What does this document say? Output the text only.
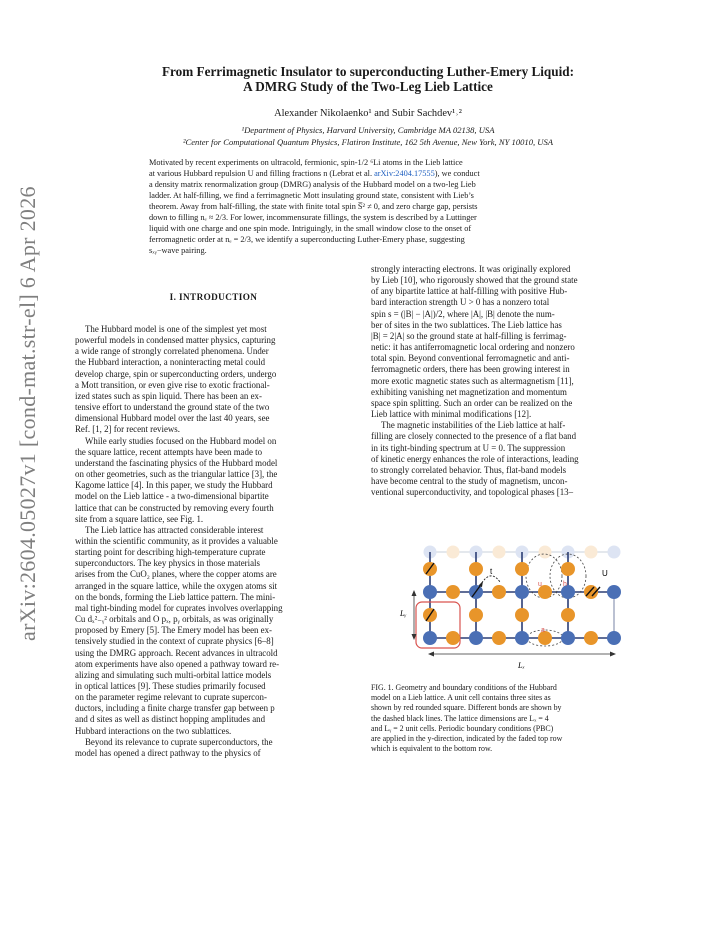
arXiv:2604.05027v1 [cond-mat.str-el] 6 Apr 2026
From Ferrimagnetic Insulator to superconducting Luther-Emery Liquid:
A DMRG Study of the Two-Leg Lieb Lattice
Alexander Nikolaenko¹ and Subir Sachdev¹˒²
¹Department of Physics, Harvard University, Cambridge MA 02138, USA
²Center for Computational Quantum Physics, Flatiron Institute, 162 5th Avenue, New York, NY 10010, USA
Motivated by recent experiments on ultracold, fermionic, spin-1/2 ⁶Li atoms in the Lieb lattice
at various Hubbard repulsion U and filling fractions n (Lebrat et al. arXiv:2404.17555), we conduct
a density matrix renormalization group (DMRG) analysis of the Hubbard model on a two-leg Lieb
ladder. At half-filling, we find a ferrimagnetic Mott insulating ground state, consistent with Lieb’s
theorem. Away from half-filling, the state with finite total spin S̅² ≠ 0, and zero charge gap, persists
down to filling nₑ ≈ 2/3. For lower, incommensurate fillings, the system is described by a Luttinger
liquid with one charge and one spin mode. Intriguingly, in the small window close to the onset of
ferromagnetic order at nₑ = 2/3, we identify a superconducting Luther-Emery phase, suggesting
sₓᵧ−wave pairing.
I. INTRODUCTION
The Hubbard model is one of the simplest yet most
powerful models in condensed matter physics, capturing
a wide range of strongly correlated phenomena. Under
the Hubbard interaction, a noninteracting metal could
develop charge, spin or superconducting orders, undergo
a Mott transition, or even give rise to exotic fractional-
ized states such as spin liquid. There has been an ex-
tensive effort to understand the ground state of the two
dimensional Hubbard model over the last 40 years, see
Ref. [1, 2] for recent reviews.
While early studies focused on the Hubbard model on
the square lattice, recent attempts have been made to
understand the fascinating physics of the Hubbard model
on other geometries, such as the triangular lattice [3], the
Kagome lattice [4]. In this paper, we study the Hubbard
model on the Lieb lattice - a two-dimensional bipartite
lattice that can be constructed by removing every fourth
site from a square lattice, see Fig. 1.
The Lieb lattice has attracted considerable interest
within the scientific community, as it provides a valuable
starting point for describing high-temperature cuprate
superconductors. The key physics in those materials
arises from the CuO₂ planes, where the copper atoms are
arranged in the square lattice, while the oxygen atoms sit
on the bonds, forming the Lieb lattice pattern. The mini-
mal tight-binding model for cuprates involves overlapping
Cu dₓ²₋ᵧ² orbitals and O pₓ, pᵧ orbitals, as was originally
proposed by Emery [5]. The Emery model has been ex-
tensively studied in the context of cuprate physics [6–8]
using the DMRG approach. Recent advances in ultracold
atom experiments have also opened a pathway toward re-
alizing and simulating such multi-orbital lattice models
in optical lattices [9]. These studies primarily focused
on the parameter regime relevant to cuprate supercon-
ductors, including a finite charge transfer gap between p
and d sites as well as distinct hopping amplitudes and
Hubbard interactions on the two sublattices.
Beyond its relevance to cuprate superconductors, the
model has opened a direct pathway to the physics of
strongly interacting electrons. It was originally explored
by Lieb [10], who rigorously showed that the ground state
of any bipartite lattice at half-filling with positive Hub-
bard interaction strength U > 0 has a nonzero total
spin s = (|B| − |A|)/2, where |A|, |B| denote the num-
ber of sites in the two sublattices. The Lieb lattice has
|B| = 2|A| so the ground state at half-filling is ferrimag-
netic: it has antiferromagnetic local ordering and nonzero
total spin. Beyond conventional ferromagnetic and anti-
ferromagnetic orders, there has been growing interest in
more exotic magnetic states such as altermagnetism [11],
exhibiting vanishing net magnetization and momentum
space spin splitting. Such an order can be realized on the
Lieb lattice with minimal modifications [12].
The magnetic instabilities of the Lieb lattice at half-
filling are closely connected to the presence of a flat band
in its tight-binding spectrum at U = 0. The suppression
of kinetic energy enhances the role of interactions, leading
to strongly correlated behavior. Thus, flat-band models
have become central to the study of magnetism, uncon-
ventional superconductivity, and topological phases [13–
t	U
u	h
a
Lᵧ
Lₓ
FIG. 1. Geometry and boundary conditions of the Hubbard
model on a Lieb lattice. A unit cell contains three sites as
shown by red rounded square. Different bonds are shown by
the dashed black lines. The lattice dimensions are Lₓ = 4
and Lᵧ = 2 unit cells. Periodic boundary conditions (PBC)
are applied in the y-direction, indicated by the faded top row
which is equivalent to the bottom row.
